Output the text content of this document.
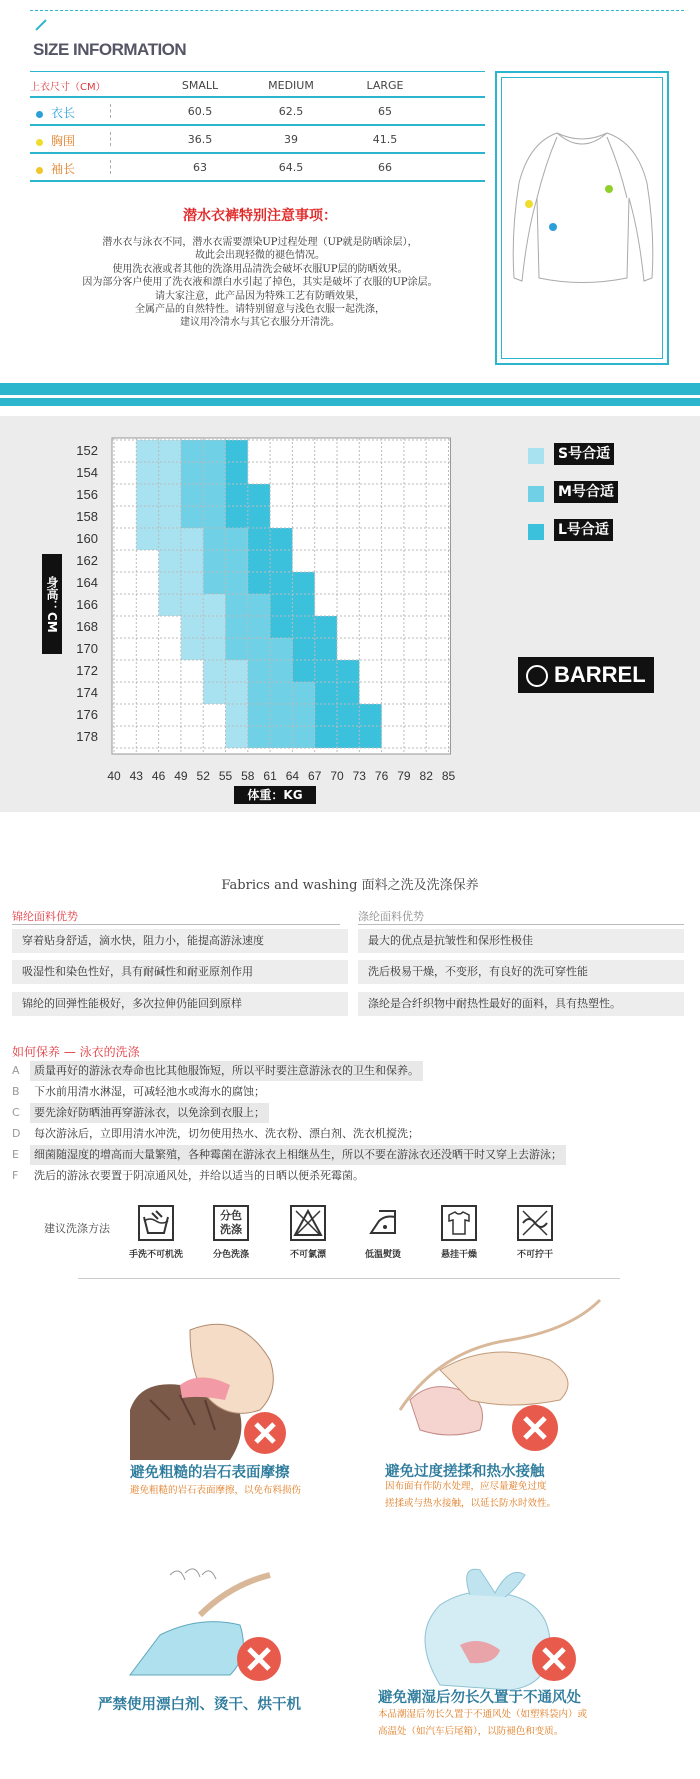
SIZE INFORMATION
上衣尺寸（CM）	SMALL	MEDIUM	LARGE
衣长	60.5	62.5	65
胸围	36.5	39	41.5
袖长	63	64.5	66
潜水衣裤特别注意事项：
潜水衣与泳衣不同，潜水衣需要漂染UP过程处理（UP就是防晒涂层），
故此会出现轻微的褪色情况。
使用洗衣液或者其他的洗涤用品清洗会破坏衣服UP层的防晒效果。
因为部分客户使用了洗衣液和漂白水引起了掉色，其实是破坏了衣服的UP涂层。
请大家注意，此产品因为特殊工艺有防晒效果，
全属产品的自然特性。请特别留意与浅色衣服一起洗涤，
建议用冷清水与其它衣服分开清洗。
152
154
156
158
160
162
164
166
168
170
172
174
176
178
40 43 46 49 52 55 58 61 64 67 70 73 76 79 82 85
身高：CM
体重：KG
S号合适
M号合适
L号合适
BARREL
Fabrics and washing 面料之洗及洗涤保养
锦纶面料优势	涤纶面料优势
穿着贴身舒适，滴水快，阻力小，能提高游泳速度
吸湿性和染色性好，具有耐碱性和耐亚原剂作用
锦纶的回弹性能极好，多次拉伸仍能回到原样
最大的优点是抗皱性和保形性极佳
洗后极易干燥，不变形，有良好的洗可穿性能
涤纶是合纤织物中耐热性最好的面料，具有热塑性。
如何保养 — 泳衣的洗涤
A 质量再好的游泳衣寿命也比其他服饰短，所以平时要注意游泳衣的卫生和保养。
B 下水前用清水淋湿，可减轻池水或海水的腐蚀；
C 要先涂好防晒油再穿游泳衣，以免涂到衣服上；
D 每次游泳后，立即用清水冲洗，切勿使用热水、洗衣粉、漂白剂、洗衣机搅洗；
E 细菌随湿度的增高而大量繁殖，各种霉菌在游泳衣上相继丛生，所以不要在游泳衣还没晒干时又穿上去游泳；
F 洗后的游泳衣要置于阴凉通风处，并给以适当的日晒以便杀死霉菌。
建议洗涤方法
分色
洗涤
手洗不可机洗	分色洗涤	不可氯漂	低温熨烫	悬挂干燥	不可拧干
避免粗糙的岩石表面摩擦
避免粗糙的岩石表面摩擦，以免布料损伤
避免过度搓揉和热水接触
因布面有作防水处理，应尽量避免过度
搓揉或与热水接触，以延长防水时效性。
严禁使用漂白剂、烫干、烘干机	避免潮湿后勿长久置于不通风处
本品潮湿后勿长久置于不通风处（如塑料袋内）或
高温处（如汽车后尾箱），以防褪色和变质。
